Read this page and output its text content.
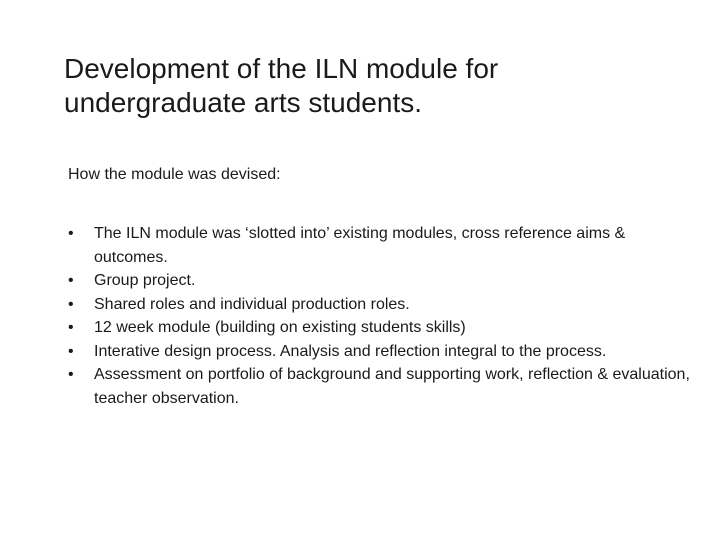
Development of the ILN module for undergraduate arts students.

How the module was devised:

•	The ILN module was ‘slotted into’ existing modules, cross reference aims & outcomes.
•	Group project.
•	Shared roles and individual production roles.
•	12 week module (building on existing students skills)
•	Interative design process. Analysis and reflection integral to the process.
•	Assessment on portfolio of background and supporting work, reflection & evaluation, teacher observation.
